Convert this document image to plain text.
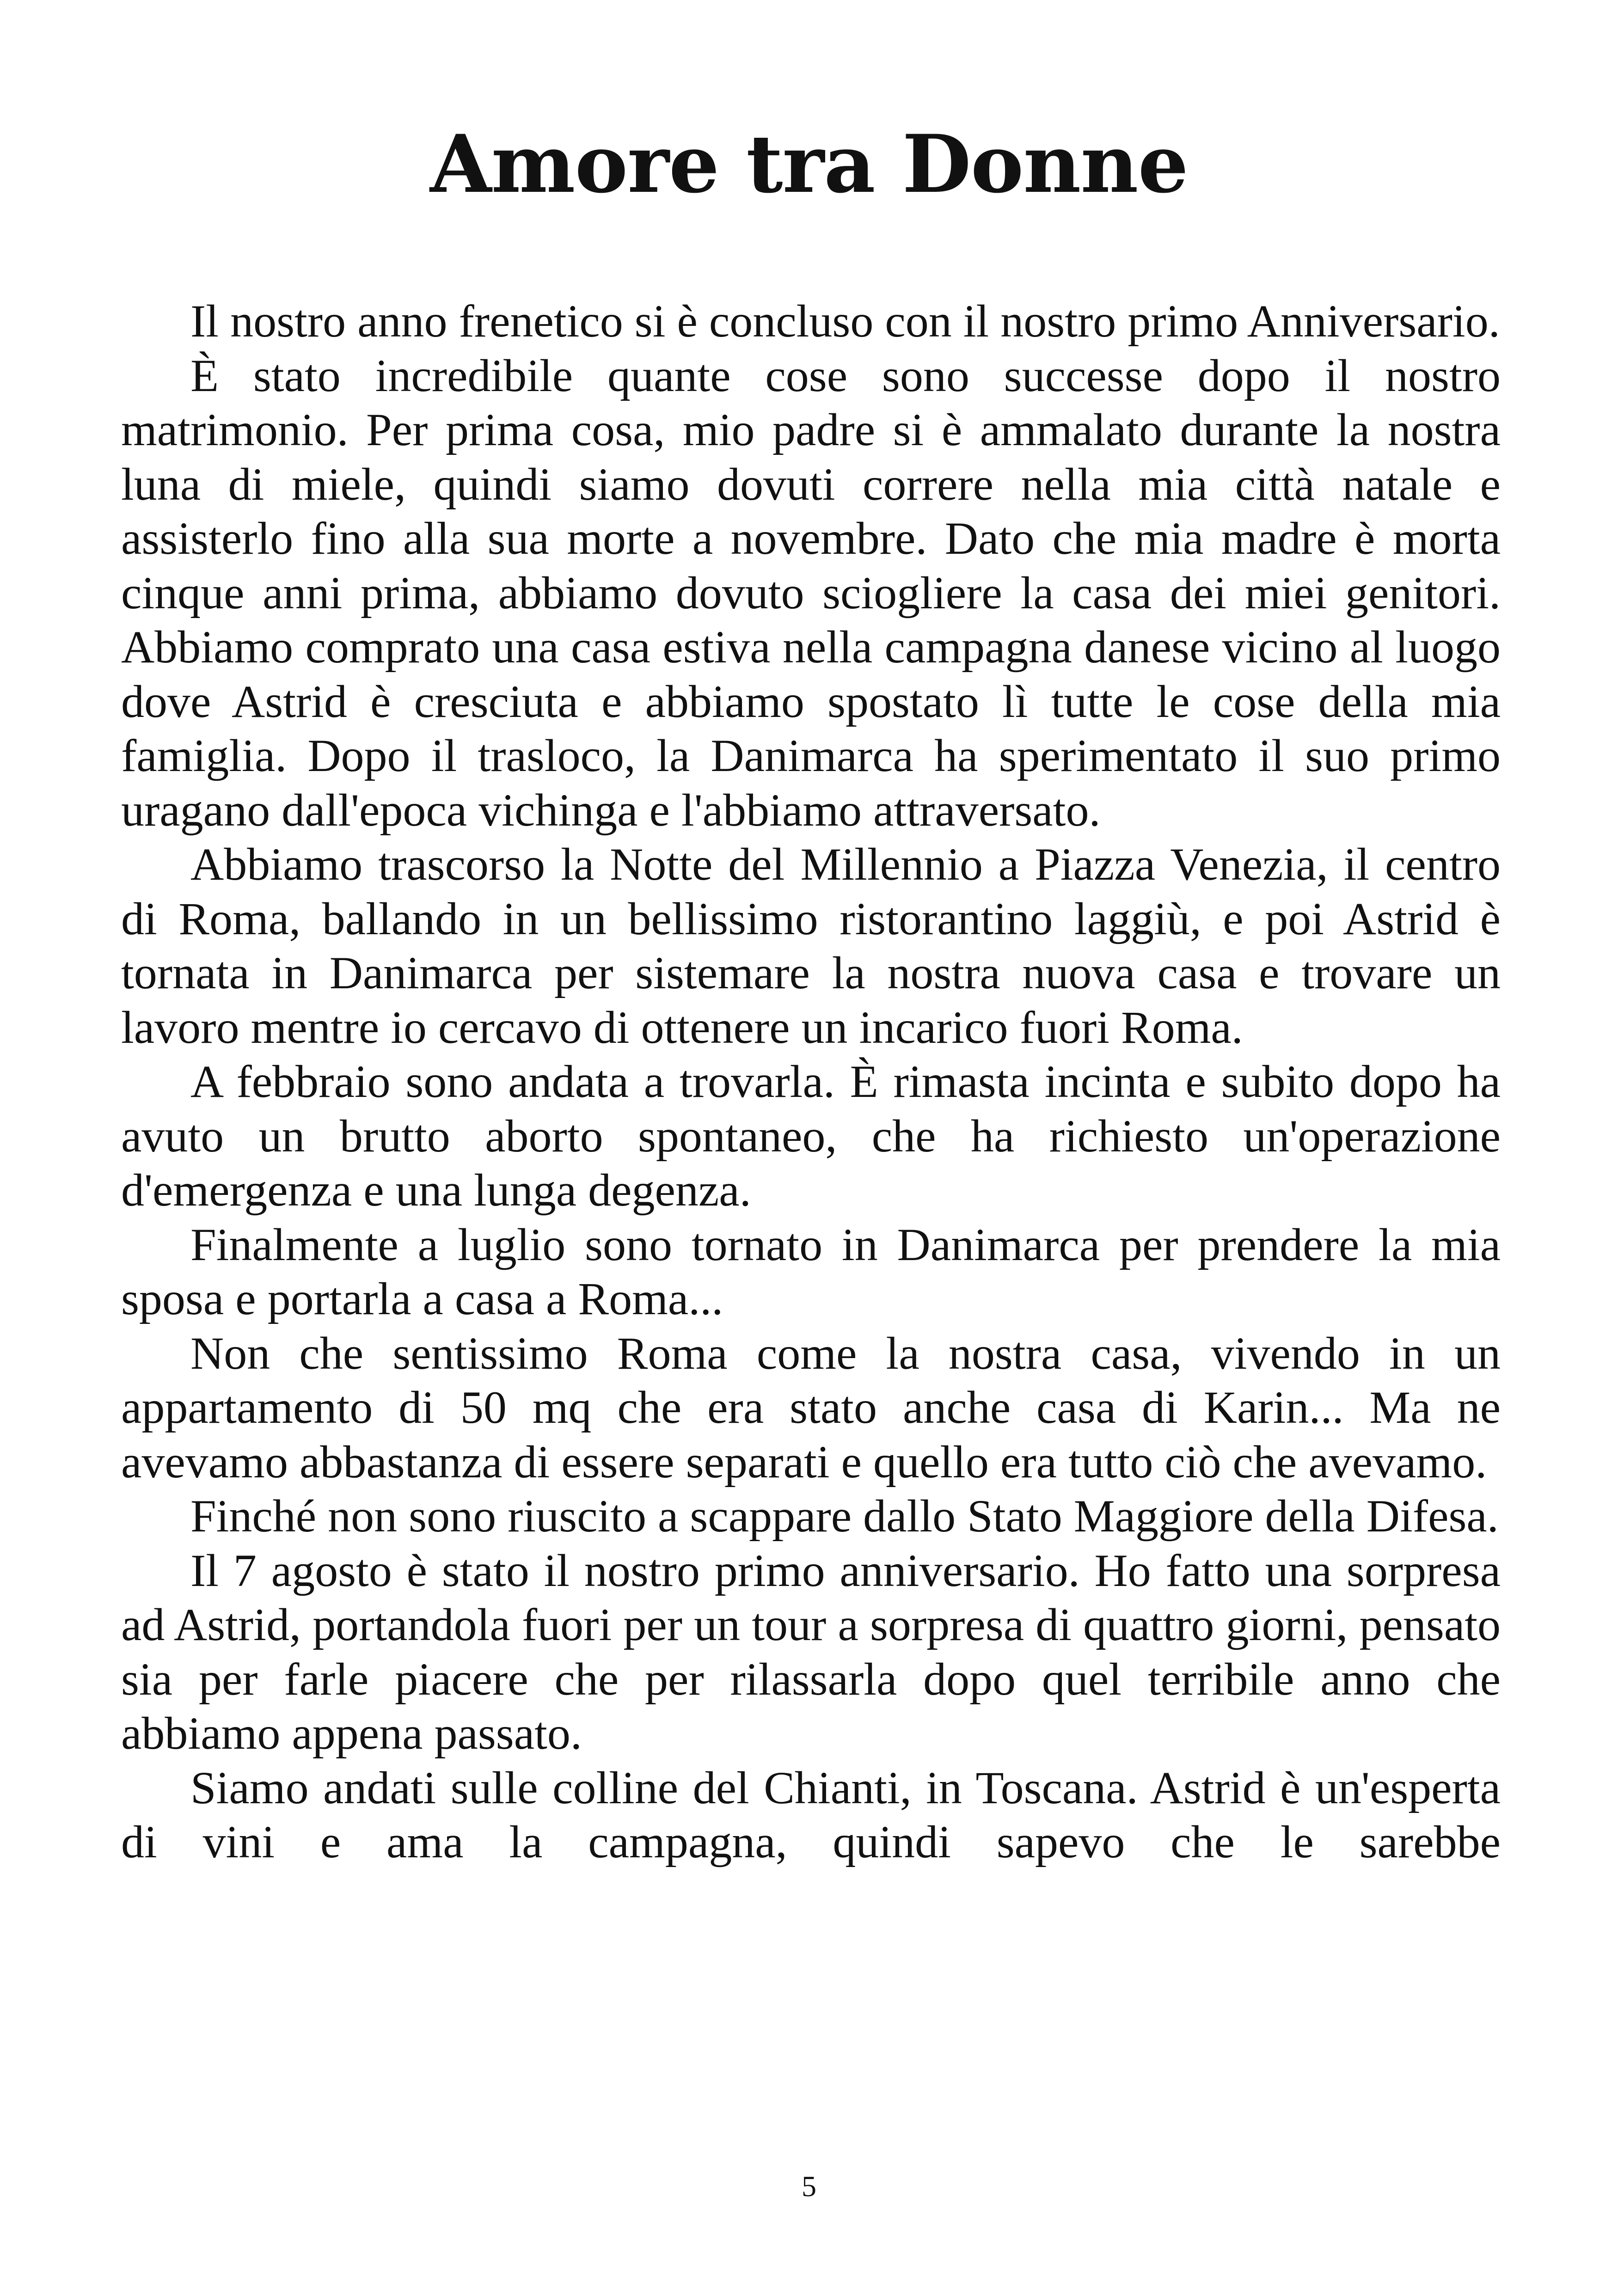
Amore tra Donne

Il nostro anno frenetico si è concluso con il nostro primo Anniversario.

È stato incredibile quante cose sono successe dopo il nostro matrimonio. Per prima cosa, mio padre si è ammalato durante la nostra luna di miele, quindi siamo dovuti correre nella mia città natale e assisterlo fino alla sua morte a novembre. Dato che mia madre è morta cinque anni prima, abbiamo dovuto sciogliere la casa dei miei genitori. Abbiamo comprato una casa estiva nella campagna danese vicino al luogo dove Astrid è cresciuta e abbiamo spostato lì tutte le cose della mia famiglia. Dopo il trasloco, la Danimarca ha sperimentato il suo primo uragano dall'epoca vichinga e l'abbiamo attraversato.

Abbiamo trascorso la Notte del Millennio a Piazza Venezia, il centro di Roma, ballando in un bellissimo ristorantino laggiù, e poi Astrid è tornata in Danimarca per sistemare la nostra nuova casa e trovare un lavoro mentre io cercavo di ottenere un incarico fuori Roma.

A febbraio sono andata a trovarla. È rimasta incinta e subito dopo ha avuto un brutto aborto spontaneo, che ha richiesto un'operazione d'emergenza e una lunga degenza.

Finalmente a luglio sono tornato in Danimarca per prendere la mia sposa e portarla a casa a Roma...

Non che sentissimo Roma come la nostra casa, vivendo in un appartamento di 50 mq che era stato anche casa di Karin... Ma ne avevamo abbastanza di essere separati e quello era tutto ciò che avevamo.

Finché non sono riuscito a scappare dallo Stato Maggiore della Difesa.

Il 7 agosto è stato il nostro primo anniversario. Ho fatto una sorpresa ad Astrid, portandola fuori per un tour a sorpresa di quattro giorni, pensato sia per farle piacere che per rilassarla dopo quel terribile anno che abbiamo appena passato.

Siamo andati sulle colline del Chianti, in Toscana. Astrid è un'esperta di vini e ama la campagna, quindi sapevo che le sarebbe

5
